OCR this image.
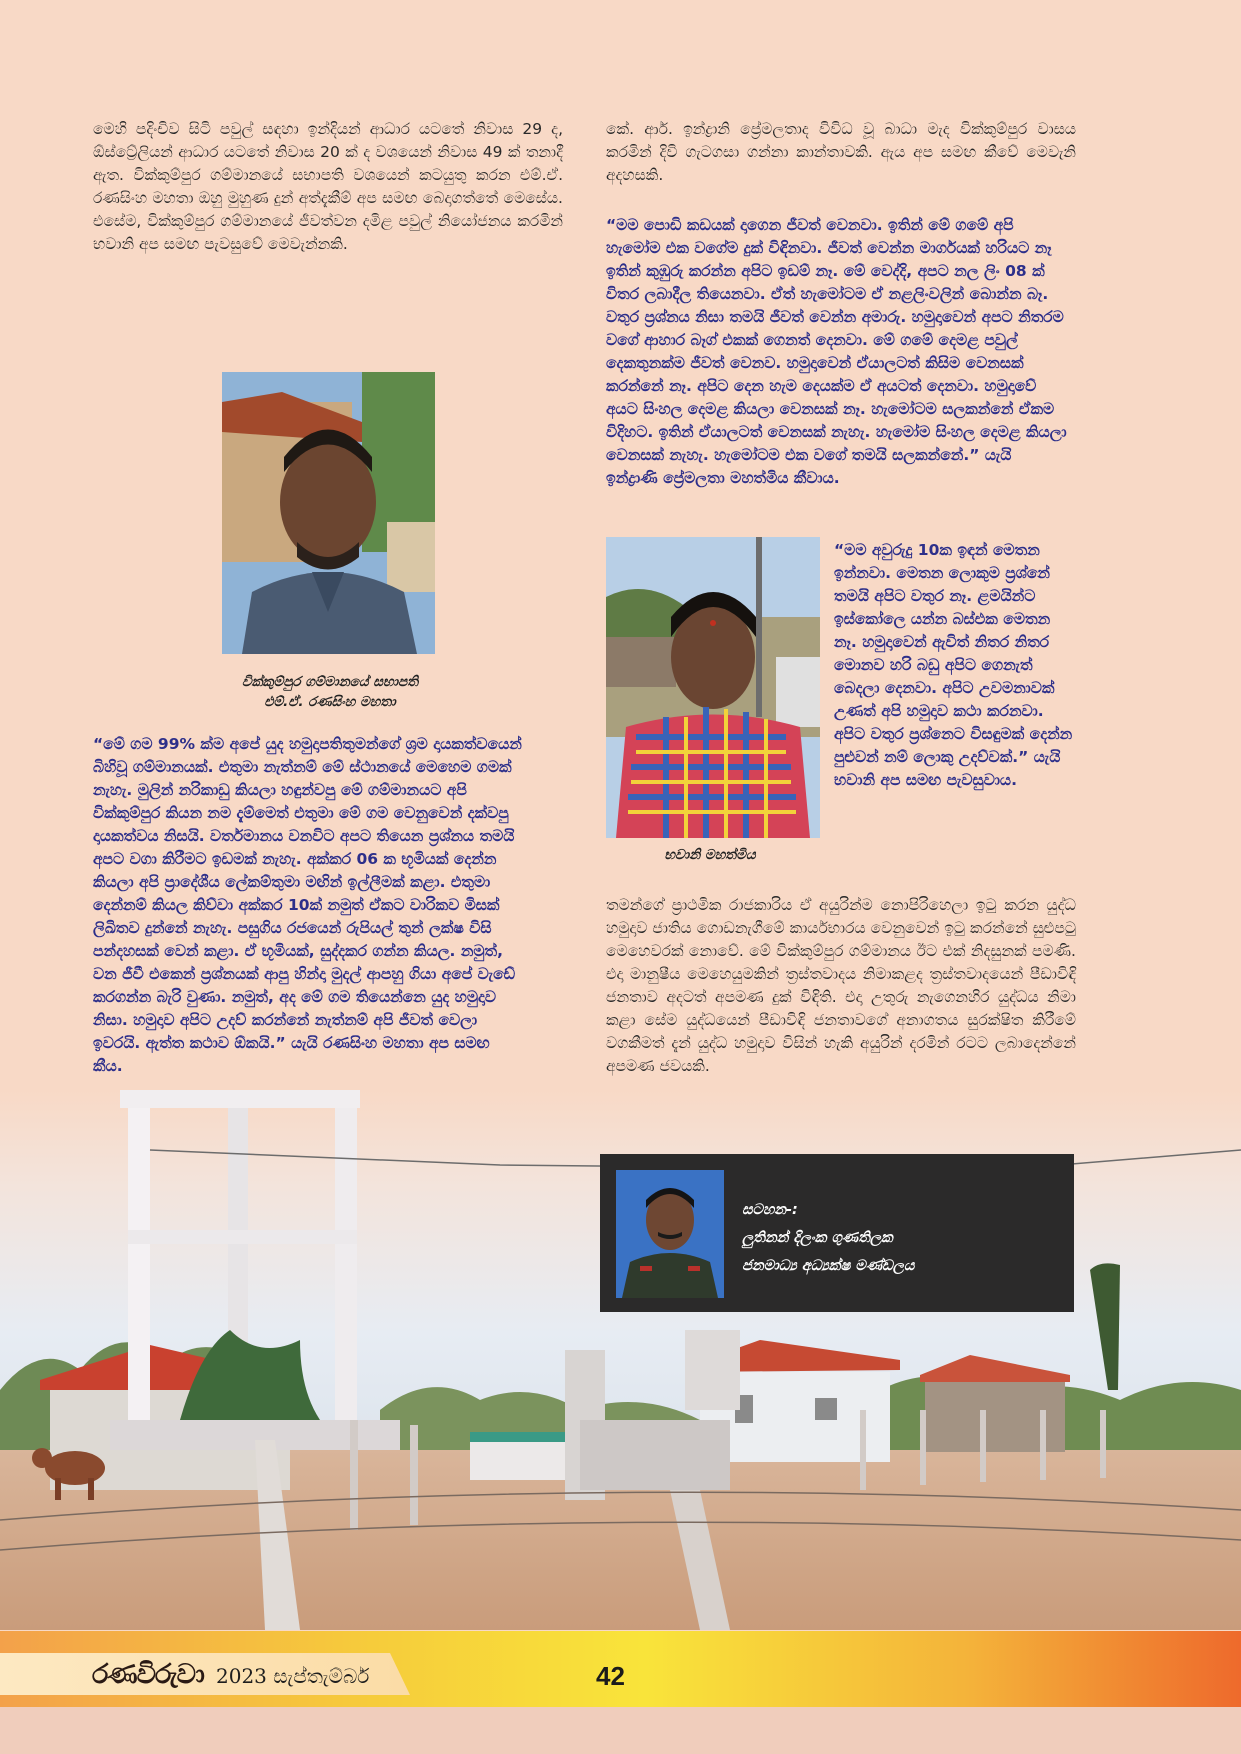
මෙහි පදිංචිව සිටි පවුල් සඳහා ඉන්දියන් ආධාර යටතේ නිවාස 29 ද, ඕස්ට්‍රේලියන් ආධාර යටතේ නිවාස 20 ක් ද වශයෙන් නිවාස 49 ක් තනාදී ඇත. වික්කුම්පුර ගම්මානයේ සභාපති වශයෙන් කටයුතු කරන එම්.ඒ. රණසිංහ මහතා ඔහු මුහුණ දුන් අත්දැකීම් අප සමඟ බෙදාගත්තේ මෙසේය. එසේම, වික්කුම්පුර ගම්මානයේ ජීවත්වන දමිළ පවුල් නියෝජනය කරමින් භවානි අප සමඟ පැවසුවේ මෙවැන්නකි.

වික්කුම්පුර ගම්මානයේ සභාපති
එම්.ඒ. රණසිංහ මහතා

“මේ ගම 99% ක්ම අපේ යුද හමුදාපතිතුමන්ගේ ශ්‍රම දායකත්වයෙන් බිහිවූ ගම්මානයක්. එතුමා නැත්නම් මේ ස්ථානයේ මෙහෙම ගමක් නැහැ. මුලින් නරිකාඩු කියලා හඳුන්වපු මේ ගම්මානයට අපි වික්කුම්පුර කියන නම දැම්මෙත් එතුමා මේ ගම වෙනුවෙන් දක්වපු දායකත්වය නිසයි. වර්තමානය වනවිට අපට තියෙන ප්‍රශ්නය තමයි අපට වගා කිරීමට ඉඩමක් නැහැ. අක්කර 06 ක භූමියක් දෙන්න කියලා අපි ප්‍රාදේශීය ලේකම්තුමා මඟින් ඉල්ලීමක් කළා. එතුමා දෙන්නම් කියල කිව්වා අක්කර 10ක් නමුත් ඒකට වාරිකව මිසක් ලිඛිතව දුන්නේ නැහැ. පසුගිය රජයෙන් රුපියල් තුන් ලක්ෂ විසි පන්දහසක් වෙන් කළා. ඒ භූමියක්, සුද්දකර ගන්න කියල. නමුත්, වන ජීවී එකෙන් ප්‍රශ්නයක් ආපු හින්දා මුදල් ආපහු ගියා අපේ වැඩේ කරගන්න බැරි වුණා. නමුත්, අද මේ ගම තියෙන්නෙ යුද හමුදාව නිසා. හමුදාව අපිට උදව් කරන්නේ නැත්නම් අපි ජීවත් වෙලා ඉවරයි. ඇත්ත කථාව ඕකයි.” යැයි රණසිංහ මහතා අප සමඟ කීය.

කේ. ආර්. ඉන්ද්‍රානි ප්‍රේමලතාද විවිධ වූ බාධා මැද වික්කුම්පුර වාසය කරමින් දිවි ගැටගසා ගන්නා කාන්තාවකි. ඇය අප සමඟ කීවේ මෙවැනි අදහසකි.

“මම පොඩි කඩයක් දාගෙන ජීවත් වෙනවා. ඉතින් මේ ගමේ අපි හැමෝම එක වගේම දුක් විඳිනවා. ජීවත් වෙන්න මාර්ගයක් හරියට නෑ ඉතින් කුඹුරු කරන්න අපිට ඉඩම් නෑ. මේ වෙද්දි, අපට නල ලිං 08 ක් විතර ලබාදීල තියෙනවා. ඒත් හැමෝටම ඒ නළලිංවලින් බොන්න බෑ. වතුර ප්‍රශ්නය නිසා තමයි ජීවත් වෙන්න අමාරු. හමුදාවෙන් අපට නිතරම වගේ ආහාර බෑග් එකක් ගෙනත් දෙනවා. මේ ගමේ දෙමළ පවුල් දෙකතුනක්ම ජීවත් වෙනව. හමුදාවෙන් ඒයාලටත් කිසිම වෙනසක් කරන්නේ නෑ. අපිට දෙන හැම දෙයක්ම ඒ අයටත් දෙනවා. හමුදාවේ අයට සිංහල දෙමළ කියලා වෙනසක් නෑ. හැමෝටම සලකන්නේ ඒකම විදිහට. ඉතින් ඒයාලටත් වෙනසක් නැහැ. හැමෝම සිංහල දෙමළ කියලා වෙනසක් නැහැ. හැමෝටම එක වගේ තමයි සලකන්නේ.” යැයි ඉන්ද්‍රාණි ප්‍රේමලතා මහත්මිය කීවාය.

භවානි මහත්මිය

“මම අවුරුදු 10ක ඉඳන් මෙතන ඉන්නවා. මෙතන ලොකුම ප්‍රශ්නේ තමයි අපිට වතුර නෑ. ළමයින්ට ඉස්කෝලෙ යන්න බස්එක මෙතන නෑ. හමුදාවෙන් ඇවිත් නිතර නිතර මොනව හරි බඩු අපිට ගෙනැත් බෙදලා දෙනවා. අපිට උවමනාවක් උණත් අපි හමුදාව කථා කරනවා. අපිට වතුර ප්‍රශ්නෙට විසඳුමක් දෙන්න පුළුවන් නම් ලොකු උදව්වක්.” යැයි භවානි අප සමඟ පැවසුවාය.

තමන්ගේ ප්‍රාථමික රාජකාරිය ඒ අයුරින්ම නොපිරිහෙලා ඉටු කරන යුද්ධ හමුදාව ජාතිය ගොඩනැගීමේ කාර්යභාරය වෙනුවෙන් ඉටු කරන්නේ සුළුපටු මෙහෙවරක් නොවේ. මේ වික්කුම්පුර ගම්මානය ඊට එක් නිදසුනක් පමණි. එදා මානුෂීය මෙහෙයුමකින් ත්‍රස්තවාදය නිමාකළද ත්‍රස්තවාදයෙන් පීඩාවිඳි ජනතාව අදටත් අපමණ දුක් විඳිති. එදා උතුරු නැගෙනහිර යුද්ධය නිමා කළා සේම යුද්ධයෙන් පීඩාවිඳි ජනතාවගේ අනාගතය සුරක්ෂිත කිරීමේ වගකීමත් දැන් යුද්ධ හමුදාව විසින් හැකි අයුරින් දරමින් රටට ලබාදෙන්නේ අපමණ ජවයකි.

සටහන-:
ලුතිනන් දිලංක ගුණතිලක
ජනමාධ්‍ය අධ්‍යක්ෂ මණ්ඩලය
රණවිරුවා 2023 සැප්තැම්බර්	42
